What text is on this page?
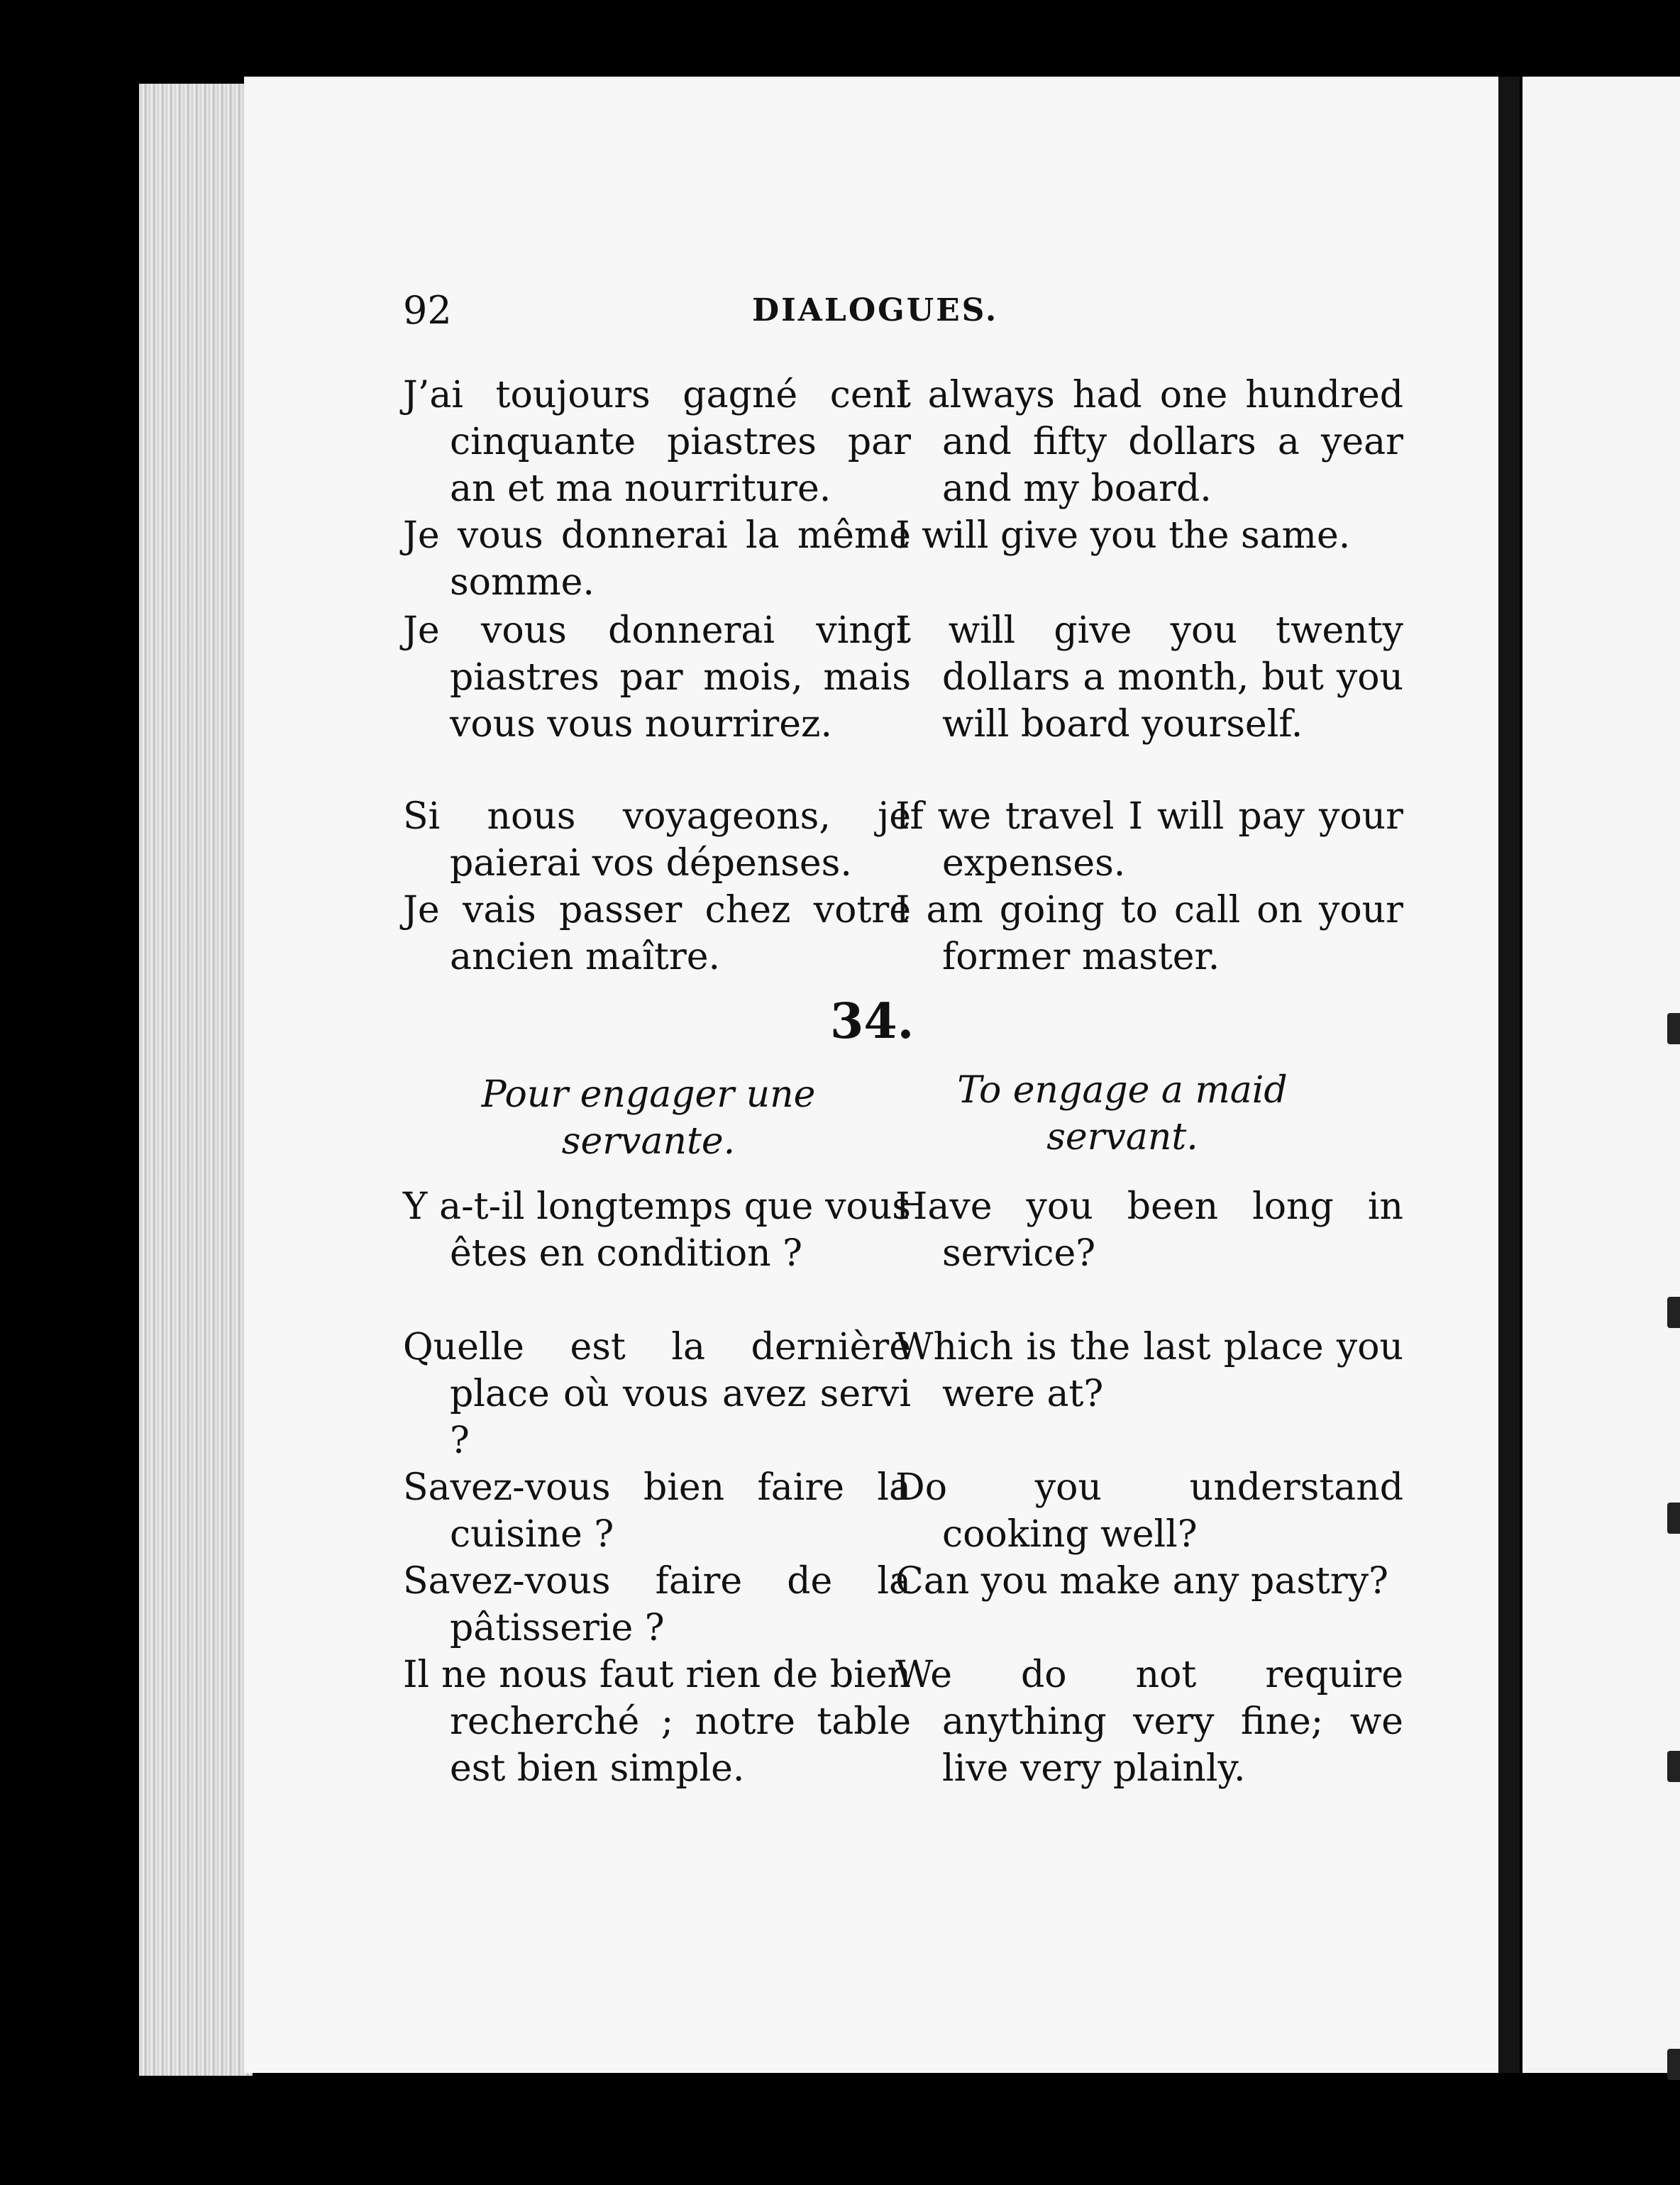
92	DIALOGUES.

J’ai toujours gagné cent cinquante piastres par an et ma nourriture.

Je vous donnerai la même somme.

Je vous donnerai vingt piastres par mois, mais vous vous nourrirez.

Si nous voyageons, je paierai vos dépenses.

Je vais passer chez votre ancien maître.

I always had one hundred and fifty dollars a year and my board.

I will give you the same.

I will give you twenty dollars a month, but you will board yourself.

If we travel I will pay your expenses.

I am going to call on your former master.

34.
Pour engager une servante.
To engage a maid servant.

Y a-t-il longtemps que vous êtes en condition ?

Quelle est la dernière place où vous avez servi ?

Savez-vous bien faire la cuisine ?

Savez-vous faire de la pâtisserie ?

Il ne nous faut rien de bien recherché ; notre table est bien simple.

Have you been long in service?

Which is the last place you were at?

Do you understand cooking well?

Can you make any pastry?

We do not require anything very fine; we live very plainly.
